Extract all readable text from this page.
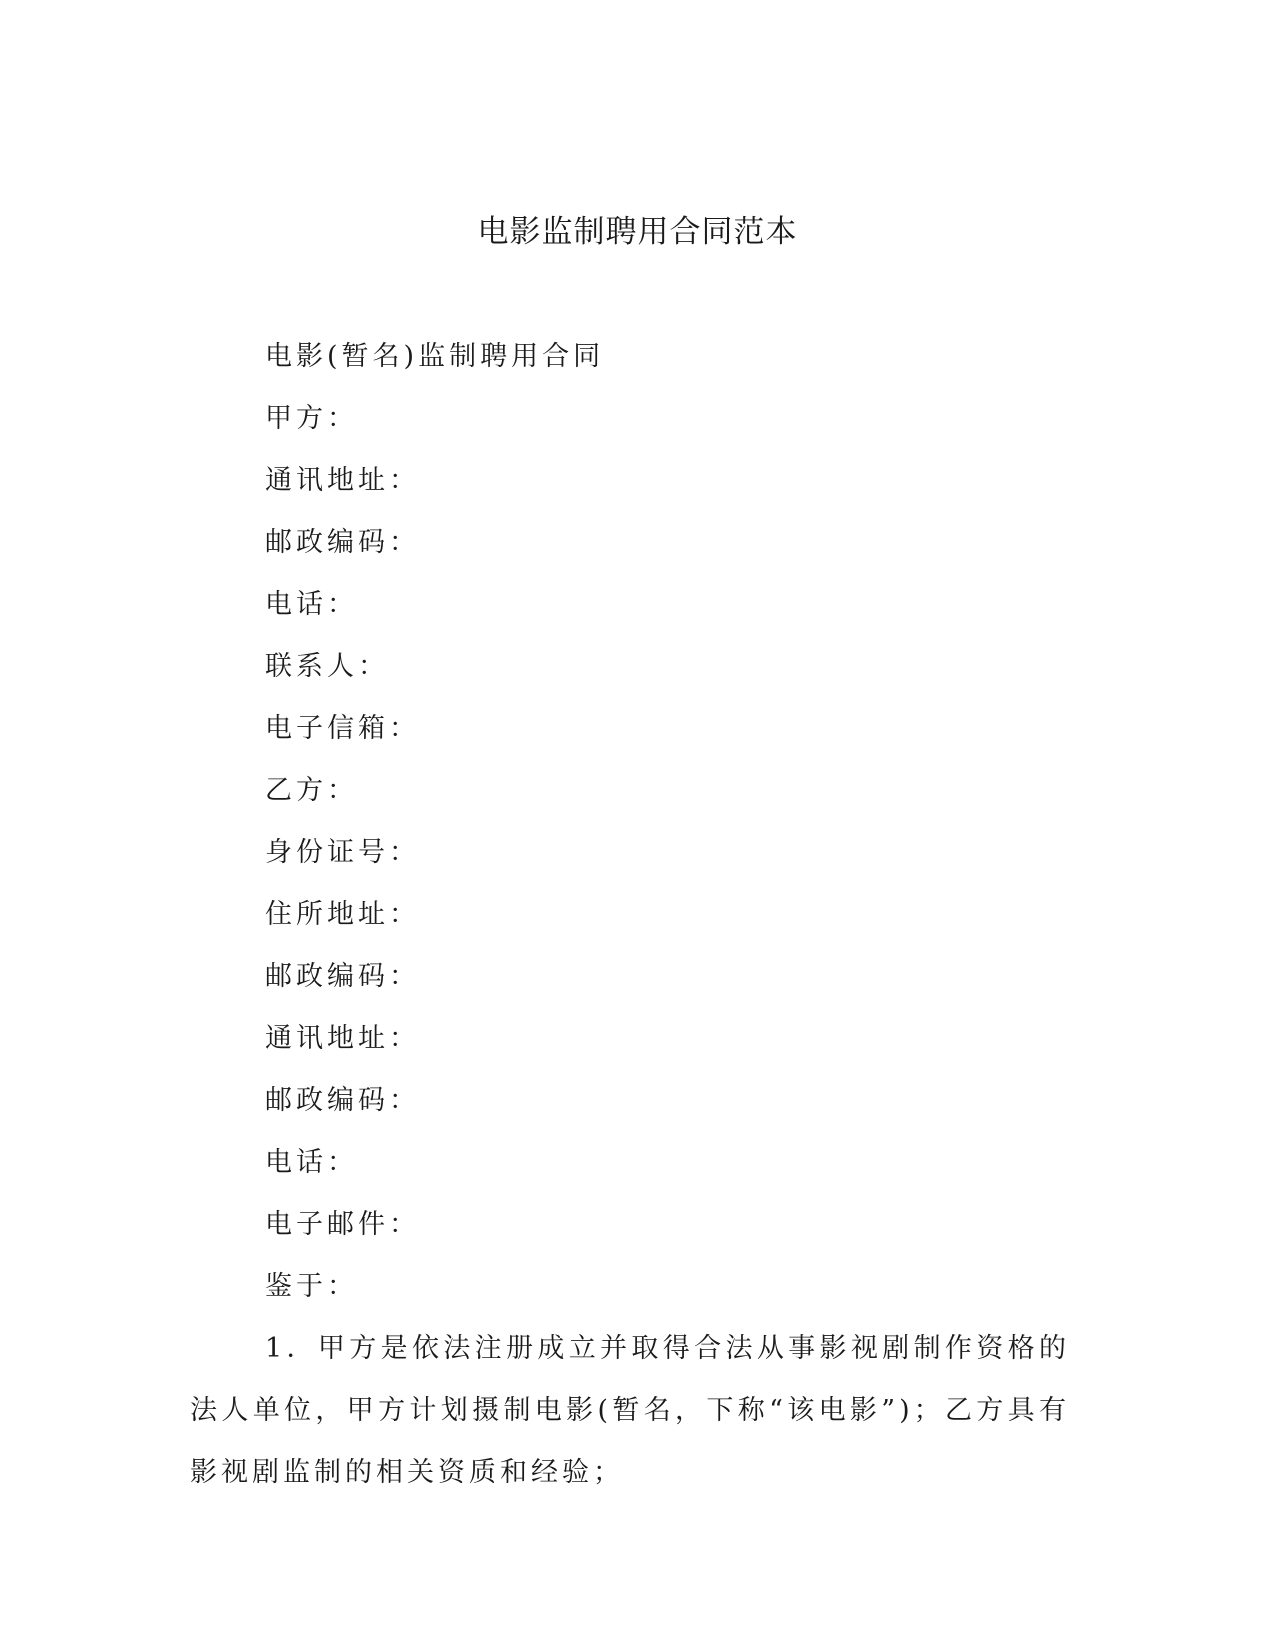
电影监制聘用合同范本
电影(暂名)监制聘用合同
甲方：
通讯地址：
邮政编码：
电话：
联系人：
电子信箱：
乙方：
身份证号：
住所地址：
邮政编码：
通讯地址：
邮政编码：
电话：
电子邮件：
鉴于：

1．甲方是依法注册成立并取得合法从事影视剧制作资格的法人单位，甲方计划摄制电影(暂名，下称“该电影”)；乙方具有影视剧监制的相关资质和经验；
